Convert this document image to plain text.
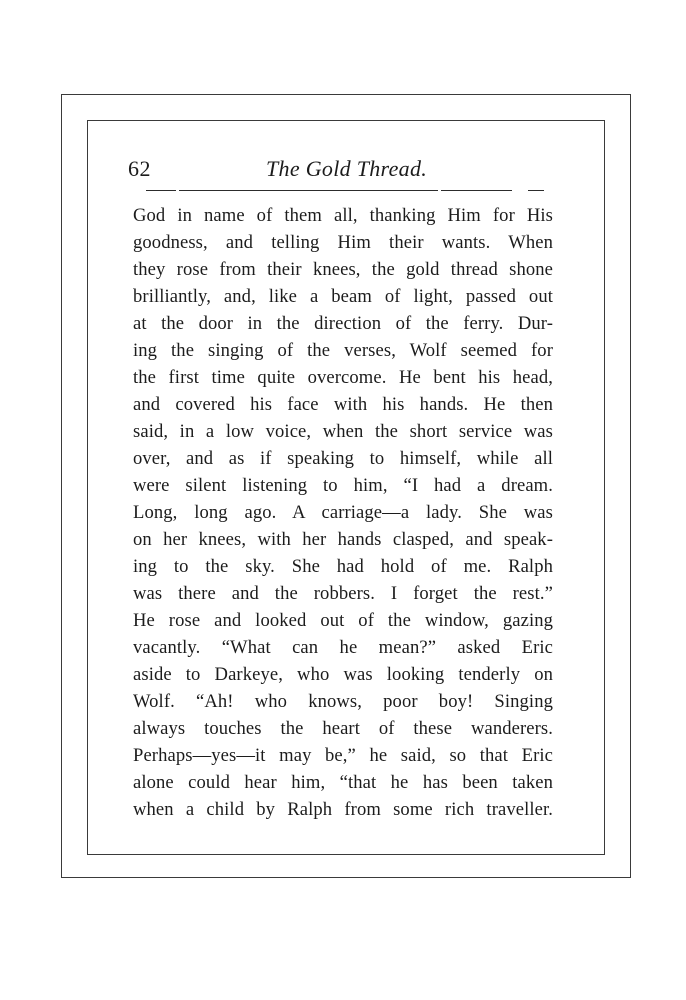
62	The Gold Thread.
God in name of them all, thanking Him for His
goodness, and telling Him their wants. When
they rose from their knees, the gold thread shone
brilliantly, and, like a beam of light, passed out
at the door in the direction of the ferry. Dur-
ing the singing of the verses, Wolf seemed for
the first time quite overcome. He bent his head,
and covered his face with his hands. He then
said, in a low voice, when the short service was
over, and as if speaking to himself, while all
were silent listening to him, “I had a dream.
Long, long ago. A carriage—a lady. She was
on her knees, with her hands clasped, and speak-
ing to the sky. She had hold of me. Ralph
was there and the robbers. I forget the rest.”
He rose and looked out of the window, gazing
vacantly. “What can he mean?” asked Eric
aside to Darkeye, who was looking tenderly on
Wolf. “Ah! who knows, poor boy! Singing
always touches the heart of these wanderers.
Perhaps—yes—it may be,” he said, so that Eric
alone could hear him, “that he has been taken
when a child by Ralph from some rich traveller.
